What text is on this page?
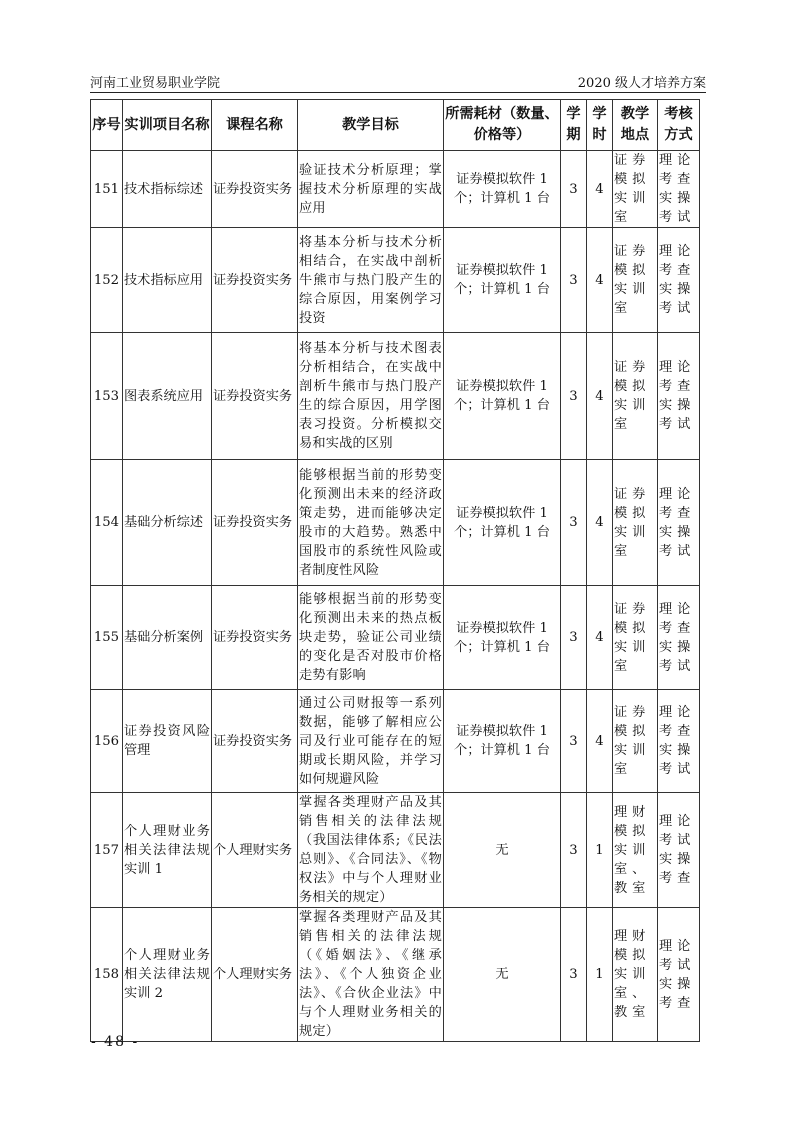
河南工业贸易职业学院	2020 级人才培养方案
序号	实训项目名称	课程名称	教学目标	所需耗材（数量、价格等）	学期	学时	教学地点	考核方式
151	技术指标综述	证券投资实务	验证技术分析原理；掌握技术分析原理的实战应用	证券模拟软件 1 个；计算机 1 台	3	4	证券模拟实训室	理论考查实操考试
152	技术指标应用	证券投资实务	将基本分析与技术分析相结合，在实战中剖析牛熊市与热门股产生的综合原因，用案例学习投资	证券模拟软件 1 个；计算机 1 台	3	4	证券模拟实训室	理论考查实操考试
153	图表系统应用	证券投资实务	将基本分析与技术图表分析相结合，在实战中剖析牛熊市与热门股产生的综合原因，用学图表习投资。分析模拟交易和实战的区别	证券模拟软件 1 个；计算机 1 台	3	4	证券模拟实训室	理论考查实操考试
154	基础分析综述	证券投资实务	能够根据当前的形势变化预测出未来的经济政策走势，进而能够决定股市的大趋势。熟悉中国股市的系统性风险或者制度性风险	证券模拟软件 1 个；计算机 1 台	3	4	证券模拟实训室	理论考查实操考试
155	基础分析案例	证券投资实务	能够根据当前的形势变化预测出未来的热点板块走势，验证公司业绩的变化是否对股市价格走势有影响	证券模拟软件 1 个；计算机 1 台	3	4	证券模拟实训室	理论考查实操考试
156	证券投资风险管理	证券投资实务	通过公司财报等一系列数据，能够了解相应公司及行业可能存在的短期或长期风险，并学习如何规避风险	证券模拟软件 1 个；计算机 1 台	3	4	证券模拟实训室	理论考查实操考试
157	个人理财业务相关法律法规实训 1	个人理财实务	掌握各类理财产品及其销售相关的法律法规（我国法律体系;《民法总则》、《合同法》、《物权法》中与个人理财业务相关的规定）	无	3	1	理财模拟实训室、教室	理论考试实操考查
158	个人理财业务相关法律法规实训 2	个人理财实务	掌握各类理财产品及其销售相关的法律法规（《婚姻法》、《继承法》、《个人独资企业法》、《合伙企业法》中与个人理财业务相关的规定）	无	3	1	理财模拟实训室、教室	理论考试实操考查
- 48 -
